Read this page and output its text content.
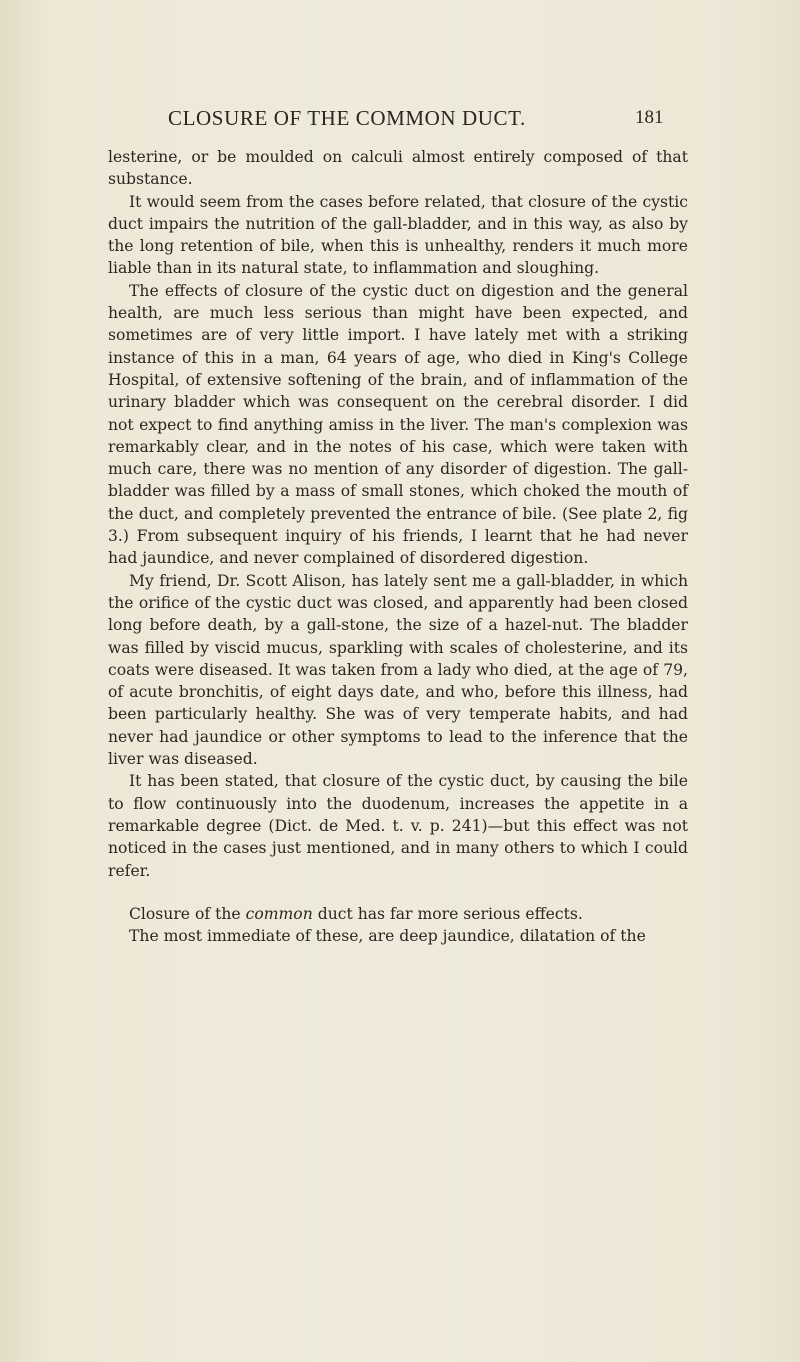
CLOSURE OF THE COMMON DUCT.	181

lesterine, or be moulded on calculi almost entirely composed of that substance.

It would seem from the cases before related, that closure of the cystic duct impairs the nutrition of the gall-bladder, and in this way, as also by the long retention of bile, when this is unhealthy, renders it much more liable than in its natural state, to inflammation and sloughing.

The effects of closure of the cystic duct on digestion and the general health, are much less serious than might have been expected, and sometimes are of very little import. I have lately met with a striking instance of this in a man, 64 years of age, who died in King's College Hospital, of extensive softening of the brain, and of inflammation of the urinary bladder which was consequent on the cerebral disorder. I did not expect to find anything amiss in the liver. The man's complexion was remarkably clear, and in the notes of his case, which were taken with much care, there was no mention of any disorder of digestion. The gall-bladder was filled by a mass of small stones, which choked the mouth of the duct, and completely prevented the entrance of bile. (See plate 2, fig 3.) From subsequent inquiry of his friends, I learnt that he had never had jaundice, and never complained of disordered digestion.

My friend, Dr. Scott Alison, has lately sent me a gall-bladder, in which the orifice of the cystic duct was closed, and apparently had been closed long before death, by a gall-stone, the size of a hazel-nut. The bladder was filled by viscid mucus, sparkling with scales of cholesterine, and its coats were diseased. It was taken from a lady who died, at the age of 79, of acute bronchitis, of eight days date, and who, before this illness, had been particularly healthy. She was of very temperate habits, and had never had jaundice or other symptoms to lead to the inference that the liver was diseased.

It has been stated, that closure of the cystic duct, by causing the bile to flow continuously into the duodenum, increases the appetite in a remarkable degree (Dict. de Med. t. v. p. 241)—but this effect was not noticed in the cases just mentioned, and in many others to which I could refer.

Closure of the common duct has far more serious effects.

The most immediate of these, are deep jaundice, dilatation of the
